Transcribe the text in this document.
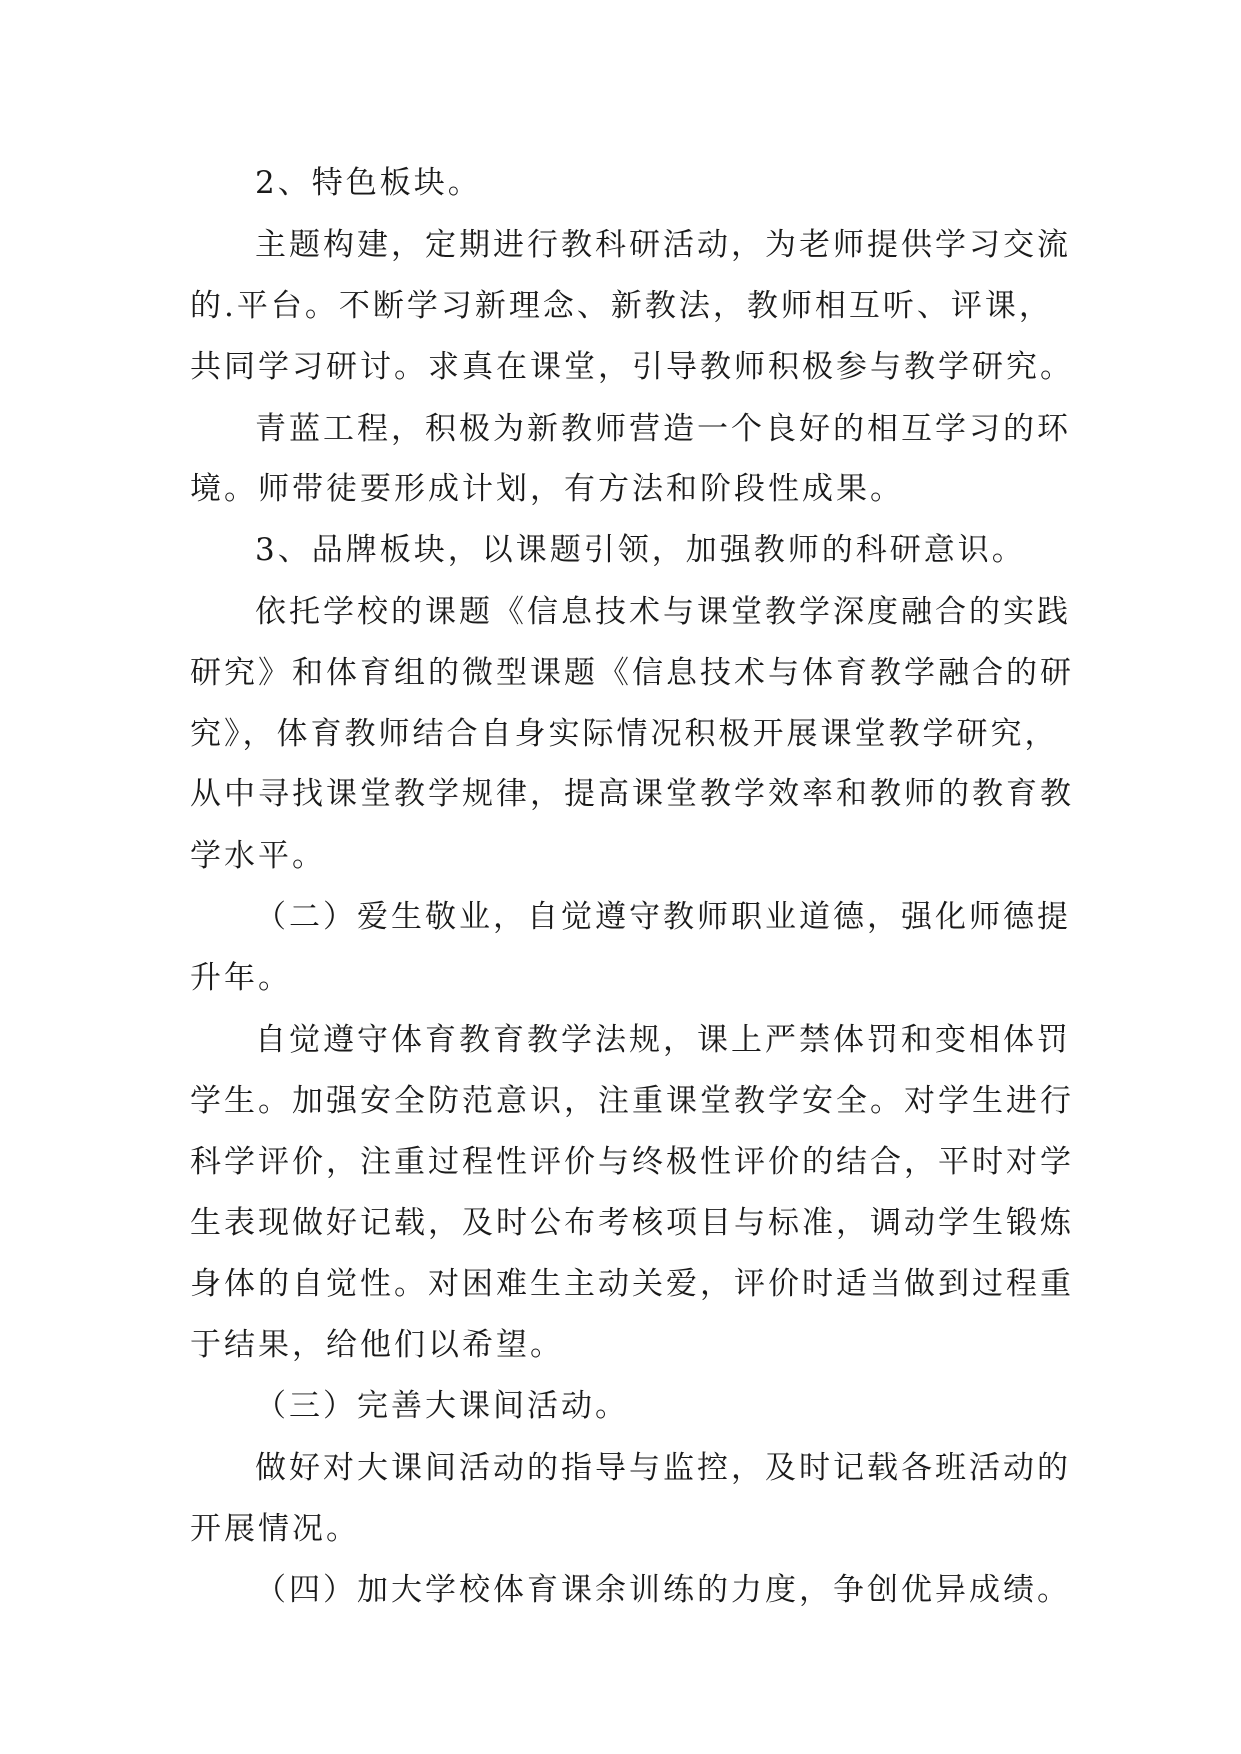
2、特色板块。
主题构建，定期进行教科研活动，为老师提供学习交流
的.平台。不断学习新理念、新教法，教师相互听、评课，
共同学习研讨。求真在课堂，引导教师积极参与教学研究。
青蓝工程，积极为新教师营造一个良好的相互学习的环
境。师带徒要形成计划，有方法和阶段性成果。
3、品牌板块，以课题引领，加强教师的科研意识。
依托学校的课题《信息技术与课堂教学深度融合的实践
研究》和体育组的微型课题《信息技术与体育教学融合的研
究》，体育教师结合自身实际情况积极开展课堂教学研究，
从中寻找课堂教学规律，提高课堂教学效率和教师的教育教
学水平。
（二）爱生敬业，自觉遵守教师职业道德，强化师德提
升年。
自觉遵守体育教育教学法规，课上严禁体罚和变相体罚
学生。加强安全防范意识，注重课堂教学安全。对学生进行
科学评价，注重过程性评价与终极性评价的结合，平时对学
生表现做好记载，及时公布考核项目与标准，调动学生锻炼
身体的自觉性。对困难生主动关爱，评价时适当做到过程重
于结果，给他们以希望。
（三）完善大课间活动。
做好对大课间活动的指导与监控，及时记载各班活动的
开展情况。
（四）加大学校体育课余训练的力度，争创优异成绩。
